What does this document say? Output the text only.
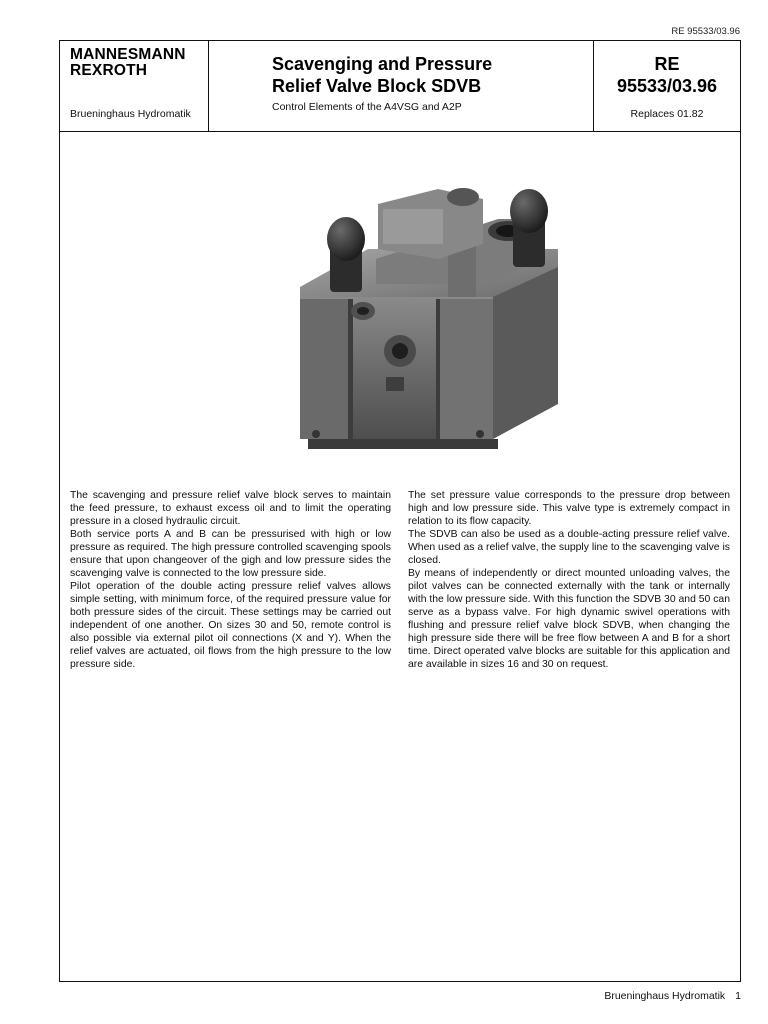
RE 95533/03.96
MANNESMANN
REXROTH
Brueninghaus Hydromatik
Scavenging and Pressure
Relief Valve Block SDVB
Control Elements of the A4VSG and A2P
RE
95533/03.96
Replaces 01.82

The scavenging and pressure relief valve block serves to maintain the feed pressure, to exhaust excess oil and to limit the operating pressure in a closed hydraulic circuit.

Both service ports A and B can be pressurised with high or low pressure as required. The high pressure controlled scavenging spools ensure that upon changeover of the gigh and low pressure sides the scavenging valve is connected to the low pressure side.

Pilot operation of the double acting pressure relief valves allows simple setting, with minimum force, of the required pressure value for both pressure sides of the circuit. These settings may be carried out independent of one another. On sizes 30 and 50, remote control is also possible via external pilot oil connections (X and Y). When the relief valves are actuated, oil flows from the high pressure to the low pressure side.

The set pressure value corresponds to the pressure drop between high and low pressure side. This valve type is extremely compact in relation to its flow capacity.

The SDVB can also be used as a double-acting pressure relief valve. When used as a relief valve, the supply line to the scavenging valve is closed.

By means of independently or direct mounted unloading valves, the pilot valves can be connected externally with the tank or internally with the low pressure side. With this function the SDVB 30 and 50 can serve as a bypass valve. For high dynamic swivel operations with flushing and pressure relief valve block SDVB, when changing the high pressure side there will be free flow between A and B for a short time. Direct operated valve blocks are suitable for this application and are available in sizes 16 and 30 on request.

Brueninghaus Hydromatik 1
